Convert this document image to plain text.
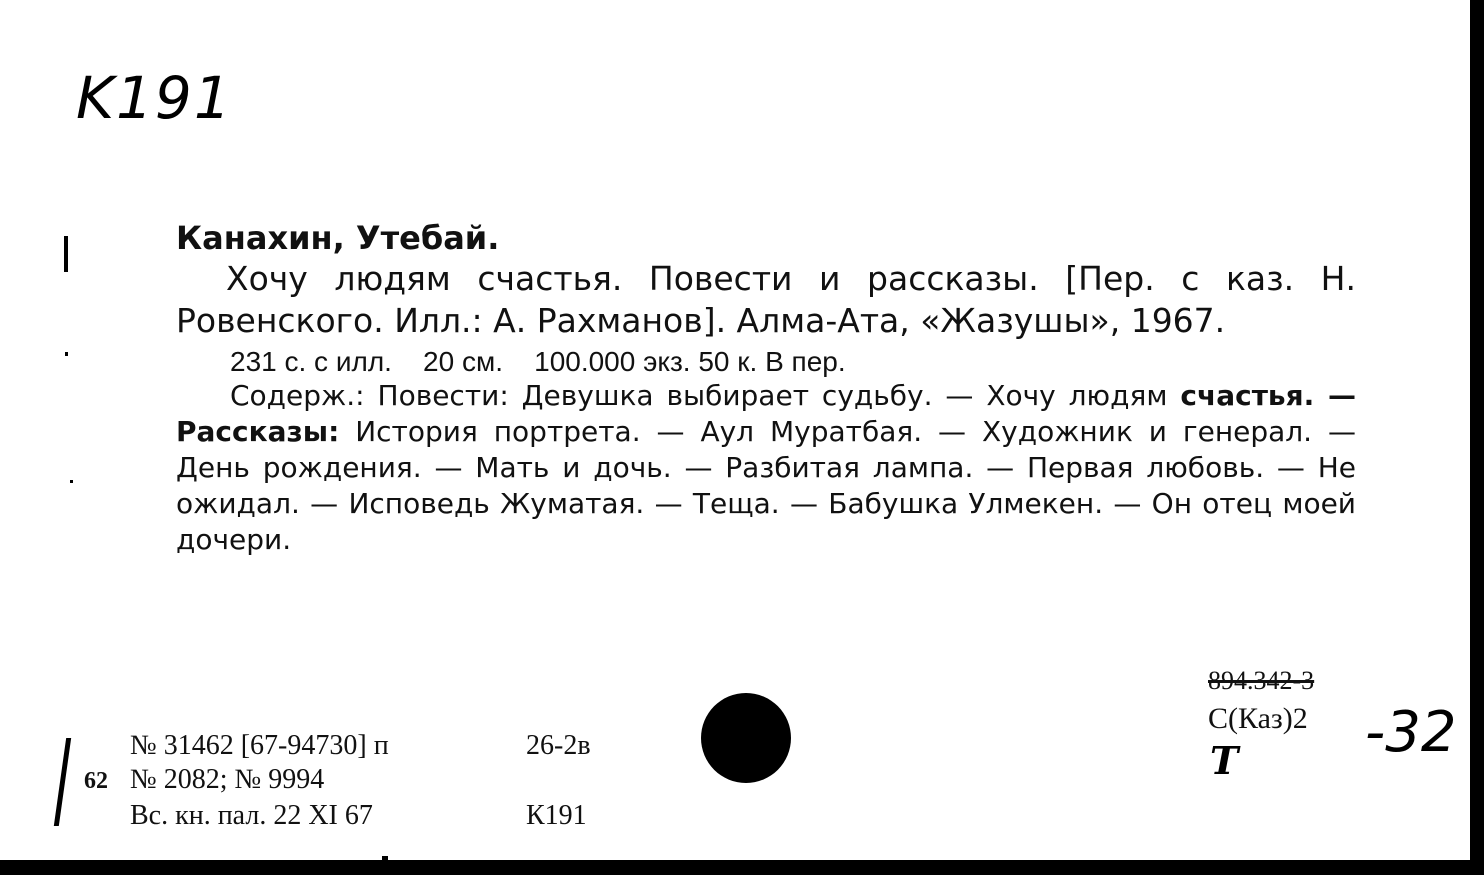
K191

Канахин, Утебай.

Хочу людям счастья. Повести и рассказы. [Пер. с каз. Н. Ровенского. Илл.: А. Рахманов]. Алма-Ата, «Жазушы», 1967.

231 с. с илл.    20 см.    100.000 экз. 50 к. В пер.

Содерж.: Повести: Девушка выбирает судьбу. — Хочу людям счастья. — Рассказы: История портрета. — Аул Муратбая. — Художник и генерал. — День рождения. — Мать и дочь. — Разбитая лампа. — Первая любовь. — Не ожидал. — Исповедь Жуматая. — Теща. — Бабушка Улмекен. — Он отец моей дочери.

№ 31462 [67-94730] п	26-2в
62 № 2082; № 9994
Вс. кн. пал. 22 XI 67	К191
894.342-3
С(Каз)2
Т -32
